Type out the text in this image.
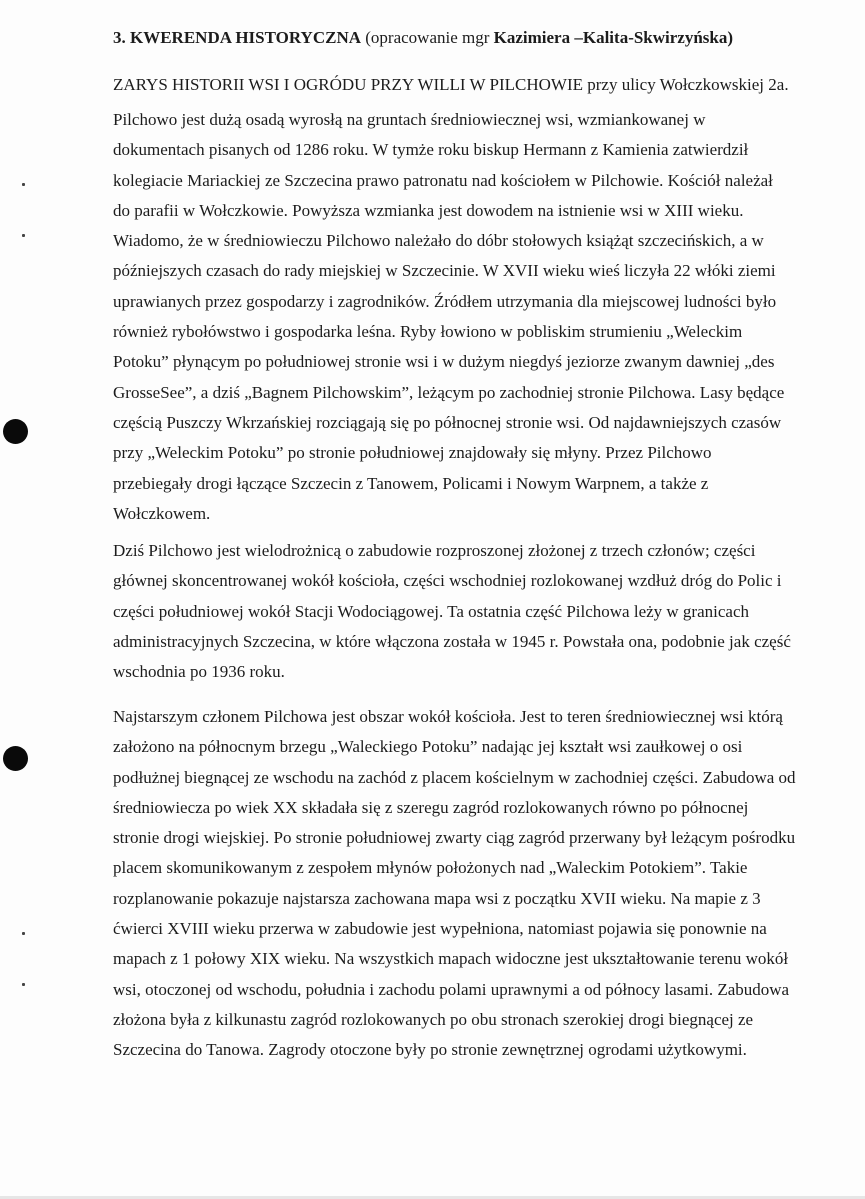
3. KWERENDA HISTORYCZNA (opracowanie mgr Kazimiera –Kalita-Skwirzyńska)
ZARYS HISTORII WSI I OGRÓDU PRZY WILLI W PILCHOWIE przy ulicy Wołczkowskiej 2a.
Pilchowo jest dużą osadą wyrosłą na gruntach średniowiecznej wsi, wzmiankowanej w
dokumentach pisanych od 1286 roku. W tymże roku biskup Hermann z Kamienia zatwierdził
kolegiacie Mariackiej ze Szczecina prawo patronatu nad kościołem w Pilchowie. Kościół należał
do parafii w Wołczkowie. Powyższa wzmianka jest dowodem na istnienie wsi w XIII wieku.
Wiadomo, że w średniowieczu Pilchowo należało do dóbr stołowych książąt szczecińskich, a w
późniejszych czasach do rady miejskiej w Szczecinie. W XVII wieku wieś liczyła 22 włóki ziemi
uprawianych przez gospodarzy i zagrodników. Źródłem utrzymania dla miejscowej ludności było
również rybołówstwo i gospodarka leśna. Ryby łowiono w pobliskim strumieniu „Weleckim
Potoku” płynącym po południowej stronie wsi i w dużym niegdyś jeziorze zwanym dawniej „des
GrosseSee”, a dziś „Bagnem Pilchowskim”, leżącym po zachodniej stronie Pilchowa. Lasy będące
częścią Puszczy Wkrzańskiej rozciągają się po północnej stronie wsi. Od najdawniejszych czasów
przy „Weleckim Potoku” po stronie południowej znajdowały się młyny. Przez Pilchowo
przebiegały drogi łączące Szczecin z Tanowem, Policami i Nowym Warpnem, a także z
Wołczkowem.
Dziś Pilchowo jest wielodrożnicą o zabudowie rozproszonej złożonej z trzech członów; części
głównej skoncentrowanej wokół kościoła, części wschodniej rozlokowanej wzdłuż dróg do Polic i
części południowej wokół Stacji Wodociągowej. Ta ostatnia część Pilchowa leży w granicach
administracyjnych Szczecina, w które włączona została w 1945 r. Powstała ona, podobnie jak część
wschodnia po 1936 roku.
Najstarszym członem Pilchowa jest obszar wokół kościoła. Jest to teren średniowiecznej wsi którą
założono na północnym brzegu „Waleckiego Potoku” nadając jej kształt wsi zaułkowej o osi
podłużnej biegnącej ze wschodu na zachód z placem kościelnym w zachodniej części. Zabudowa od
średniowiecza po wiek XX składała się z szeregu zagród rozlokowanych równo po północnej
stronie drogi wiejskiej. Po stronie południowej zwarty ciąg zagród przerwany był leżącym pośrodku
placem skomunikowanym z zespołem młynów położonych nad „Waleckim Potokiem”. Takie
rozplanowanie pokazuje najstarsza zachowana mapa wsi z początku XVII wieku. Na mapie z 3
ćwierci XVIII wieku przerwa w zabudowie jest wypełniona, natomiast pojawia się ponownie na
mapach z 1 połowy XIX wieku. Na wszystkich mapach widoczne jest ukształtowanie terenu wokół
wsi, otoczonej od wschodu, południa i zachodu polami uprawnymi a od północy lasami. Zabudowa
złożona była z kilkunastu zagród rozlokowanych po obu stronach szerokiej drogi biegnącej ze
Szczecina do Tanowa. Zagrody otoczone były po stronie zewnętrznej ogrodami użytkowymi.
